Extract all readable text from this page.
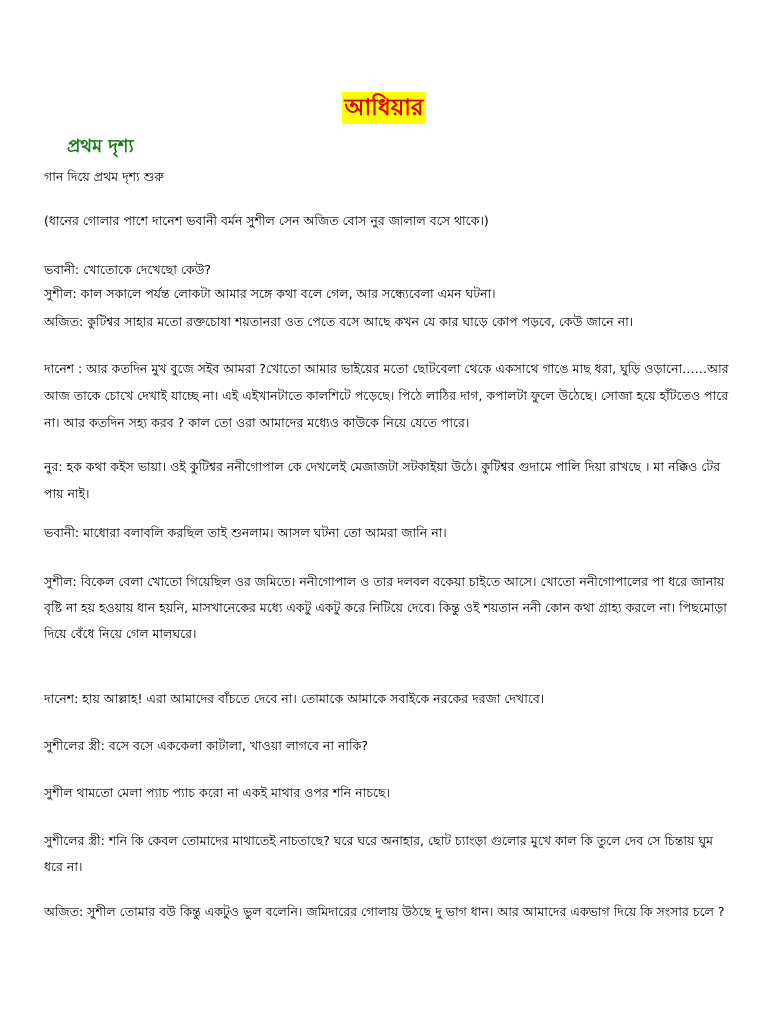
আধিয়ার
প্রথম দৃশ্য
গান দিয়ে প্রথম দৃশ্য শুরু
(ধানের গোলার পাশে দানেশ ভবানী বর্মন সুশীল সেন অজিত বোস নুর জালাল বসে থাকে।)
ভবানী: খোতোকে দেখেছো কেউ?
সুশীল: কাল সকালে পর্যন্ত লোকটা আমার সঙ্গে কথা বলে গেল, আর সন্ধ্যেবেলা এমন ঘটনা।
অজিত: কুটিশ্বর সাহার মতো রক্তচোষা শয়তানরা ওত পেতে বসে আছে কখন যে কার ঘাড়ে কোপ পড়বে, কেউ জানে না।
দানেশ : আর কতদিন মুখ বুজে সইব আমরা ?খোতো আমার ভাইয়ের মতো ছোটবেলা থেকে একসাথে গাঙে মাছ ধরা, ঘুড়ি ওড়ানো……আর আজ তাকে চোখে দেখাই যাচ্ছে না। এই এইখানটাতে কালশিটে পড়েছে। পিঠে লাঠির দাগ, কপালটা ফুলে উঠেছে। সোজা হয়ে হাঁটতেও পারে না। আর কতদিন সহ্য করব ? কাল তো ওরা আমাদের মধ্যেও কাউকে নিয়ে যেতে পারে।
নুর: হক কথা কইস ভায়া। ওই কুটিশ্বর ননীগোপাল কে দেখলেই মেজাজটা সটকাইয়া উঠে। কুটিশ্বর গুদামে পালি দিয়া রাখছে । মা নক্কিও টের পায় নাই।
ভবানী: মাধোরা বলাবলি করছিল তাই শুনলাম। আসল ঘটনা তো আমরা জানি না।
সুশীল: বিকেল বেলা খোতো গিয়েছিল ওর জমিতে। ননীগোপাল ও তার দলবল বকেয়া চাইতে আসে। খোতো ননীগোপালের পা ধরে জানায় বৃষ্টি না হয় হওয়ায় ধান হয়নি, মাসখানেকের মধ্যে একটু একটু করে নিটিয়ে দেবে। কিন্তু ওই শয়তান ননী কোন কথা গ্রাহ্য করলে না। পিছমোড়া দিয়ে বেঁধে নিয়ে গেল মালঘরে।
দানেশ: হায় আল্লাহ! এরা আমাদের বাঁচতে দেবে না। তোমাকে আমাকে সবাইকে নরকের দরজা দেখাবে।
সুশীলের স্ত্রী: বসে বসে এককেলা কাটালা, খাওয়া লাগবে না নাকি?
সুশীল থামতো মেলা প্যাচ প্যাচ করো না একই মাথার ওপর শনি নাচছে।
সুশীলের স্ত্রী: শনি কি কেবল তোমাদের মাথাতেই নাচতাছে? ঘরে ঘরে অনাহার, ছোট চ্যাংড়া গুলোর মুখে কাল কি তুলে দেব সে চিন্তায় ঘুম ধরে না।
অজিত: সুশীল তোমার বউ কিন্তু একটুও ভুল বলেনি। জমিদারের গোলায় উঠছে দু ভাগ ধান। আর আমাদের একভাগ দিয়ে কি সংসার চলে ?
